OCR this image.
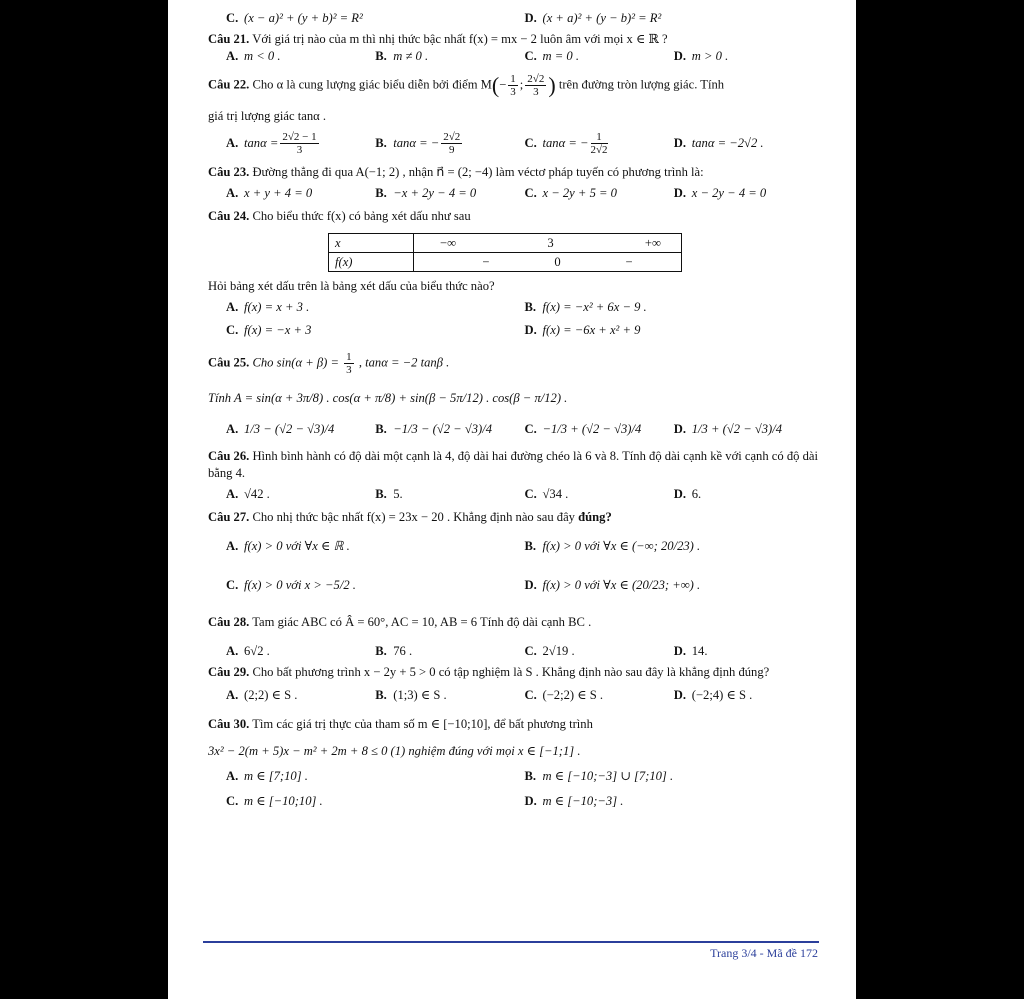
C. (x − a)² + (y + b)² = R²	D. (x + a)² + (y − b)² = R²
Câu 21. Với giá trị nào của m thì nhị thức bậc nhất f(x) = mx − 2 luôn âm với mọi x ∈ ℝ ?
A. m < 0 .	B. m ≠ 0 .	C. m = 0 .	D. m > 0 .
Câu 22. Cho α là cung lượng giác biểu diễn bởi điểm $M(- \frac{1}{3}$ ; $\frac{2√2}{3}$ ) trên đường tròn lượng giác. Tính
giá trị lượng giác tanα .
A. $\tan\alpha = \frac{2√2 - 1}{3}$	B. tanα = − $\frac{2√2}{9}$	C. tanα = − $\frac{1}{2√2}$	D. tanα = −2√2 .
Câu 23. Đường thẳng đi qua A(−1; 2) , nhận n⃗ = (2; −4) làm véctơ pháp tuyến có phương trình là:
A. x + y + 4 = 0	B. −x + 2y − 4 = 0	C. x − 2y + 5 = 0	D. x − 2y − 4 = 0
Câu 24. Cho biểu thức f(x) có bảng xét dấu như sau
x	−∞ 3 +∞

f(x)	− 0 −
Hỏi bảng xét dấu trên là bảng xét dấu của biểu thức nào?
A. f(x) = x + 3 .	B. f(x) = −x² + 6x − 9 .
C. f(x) = −x + 3	D. f(x) = −6x + x² + 9
Câu 25. Cho $\sin(\alpha + \beta) = \frac{1}{3}$ , tanα = −2 tanβ .
Tính A = sin(α + 3π/8) . cos(α + π/8) + sin(β − 5π/12) . cos(β − π/12) .
A. 1/3 − (√2 − √3)/4	B. −1/3 − (√2 − √3)/4	C. −1/3 + (√2 − √3)/4	D. 1/3 + (√2 − √3)/4
Câu 26. Hình bình hành có độ dài một cạnh là 4, độ dài hai đường chéo là 6 và 8. Tính độ dài cạnh kề với cạnh có độ dài bằng 4.
A. √42 .	B. 5.	C. √34 .	D. 6.
Câu 27. Cho nhị thức bậc nhất f(x) = 23x − 20 . Khẳng định nào sau đây đúng?
A. f(x) > 0 với ∀x ∈ ℝ .	B. f(x) > 0 với ∀x ∈ (−∞; 20/23) .
C. f(x) > 0 với x > −5/2 .	D. f(x) > 0 với ∀x ∈ (20/23; +∞) .
Câu 28. Tam giác ABC có Â = 60°, AC = 10, AB = 6 Tính độ dài cạnh BC .
A. 6√2 .	B. 76 .	C. 2√19 .	D. 14.
Câu 29. Cho bất phương trình x − 2y + 5 > 0 có tập nghiệm là S . Khẳng định nào sau đây là khẳng định đúng?
A. (2;2) ∈ S .	B. (1;3) ∈ S .	C. (−2;2) ∈ S .	D. (−2;4) ∈ S .
Câu 30. Tìm các giá trị thực của tham số m ∈ [−10;10], để bất phương trình
3x² − 2(m + 5)x − m² + 2m + 8 ≤ 0 (1) nghiệm đúng với mọi x ∈ [−1;1] .
A. m ∈ [7;10] .	B. m ∈ [−10;−3] ∪ [7;10] .
C. m ∈ [−10;10] .	D. m ∈ [−10;−3] .
Trang 3/4 - Mã đề 172
